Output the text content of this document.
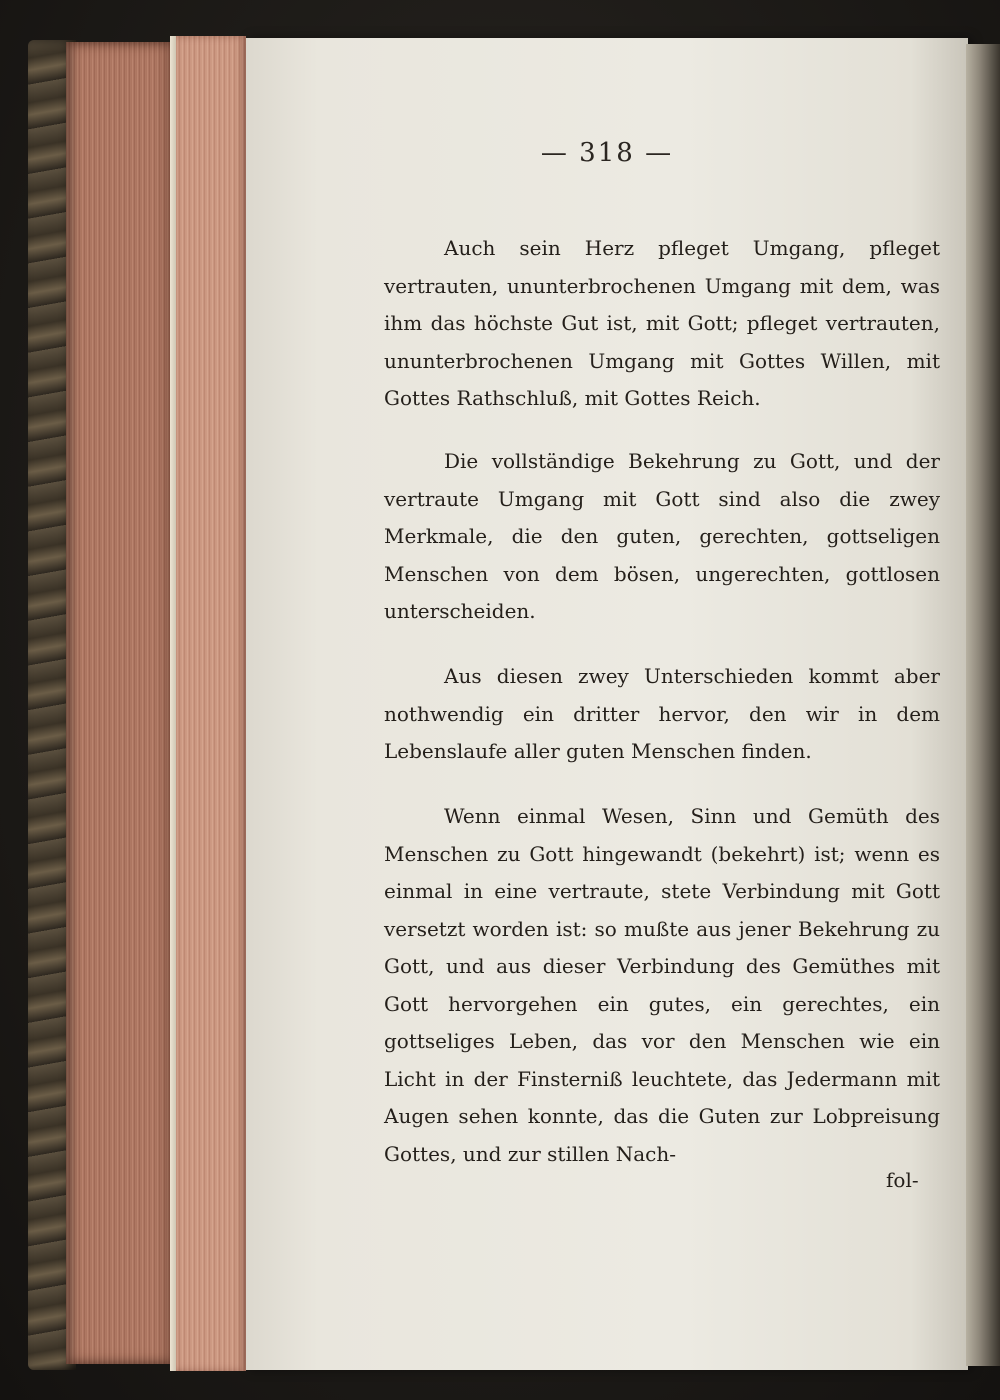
— 318 —

Auch sein Herz pfleget Umgang, pfleget vertrauten, ununterbrochenen Umgang mit dem, was ihm das höchste Gut ist, mit Gott; pfleget vertrauten, ununterbrochenen Umgang mit Gottes Willen, mit Gottes Rathschluß, mit Gottes Reich.

Die vollständige Bekehrung zu Gott, und der vertraute Umgang mit Gott sind also die zwey Merkmale, die den guten, gerechten, gottseligen Menschen von dem bösen, ungerechten, gottlosen unterscheiden.

Aus diesen zwey Unterschieden kommt aber nothwendig ein dritter hervor, den wir in dem Lebenslaufe aller guten Menschen finden.

Wenn einmal Wesen, Sinn und Gemüth des Menschen zu Gott hingewandt (bekehrt) ist; wenn es einmal in eine vertraute, stete Verbindung mit Gott versetzt worden ist: so mußte aus jener Bekehrung zu Gott, und aus dieser Verbindung des Gemüthes mit Gott hervorgehen ein gutes, ein gerechtes, ein gottseliges Leben, das vor den Menschen wie ein Licht in der Finsterniß leuchtete, das Jedermann mit Augen sehen konnte, das die Guten zur Lobpreisung Gottes, und zur stillen Nach-

fol-
